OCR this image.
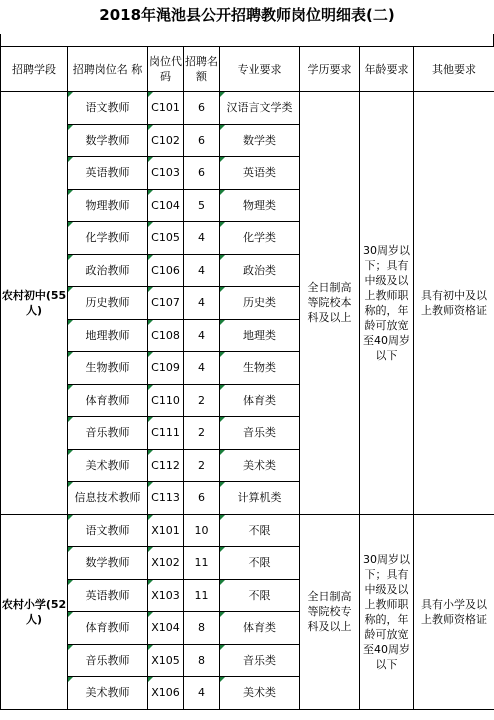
2018年渑池县公开招聘教师岗位明细表(二)
招聘学段	招聘岗位名 称	岗位代码	招聘名额	专业要求	学历要求	年龄要求	其他要求
农村初中(55人)	语文教师	C101	6	汉语言文学类	全日制高等院校本科及以上	30周岁以下；具有中级及以上教师职称的，年龄可放宽至40周岁以下	具有初中及以上教师资格证
	数学教师	C102	6	数学类			
	英语教师	C103	6	英语类			
	物理教师	C104	5	物理类			
	化学教师	C105	4	化学类			
	政治教师	C106	4	政治类			
	历史教师	C107	4	历史类			
	地理教师	C108	4	地理类			
	生物教师	C109	4	生物类			
	体育教师	C110	2	体育类			
	音乐教师	C111	2	音乐类			
	美术教师	C112	2	美术类			
	信息技术教师	C113	6	计算机类			
农村小学(52人)	语文教师	X101	10	不限	全日制高等院校专科及以上	30周岁以下；具有中级及以上教师职称的，年龄可放宽至40周岁以下	具有小学及以上教师资格证
	数学教师	X102	11	不限			
	英语教师	X103	11	不限			
	体育教师	X104	8	体育类			
	音乐教师	X105	8	音乐类			
	美术教师	X106	4	美术类			
